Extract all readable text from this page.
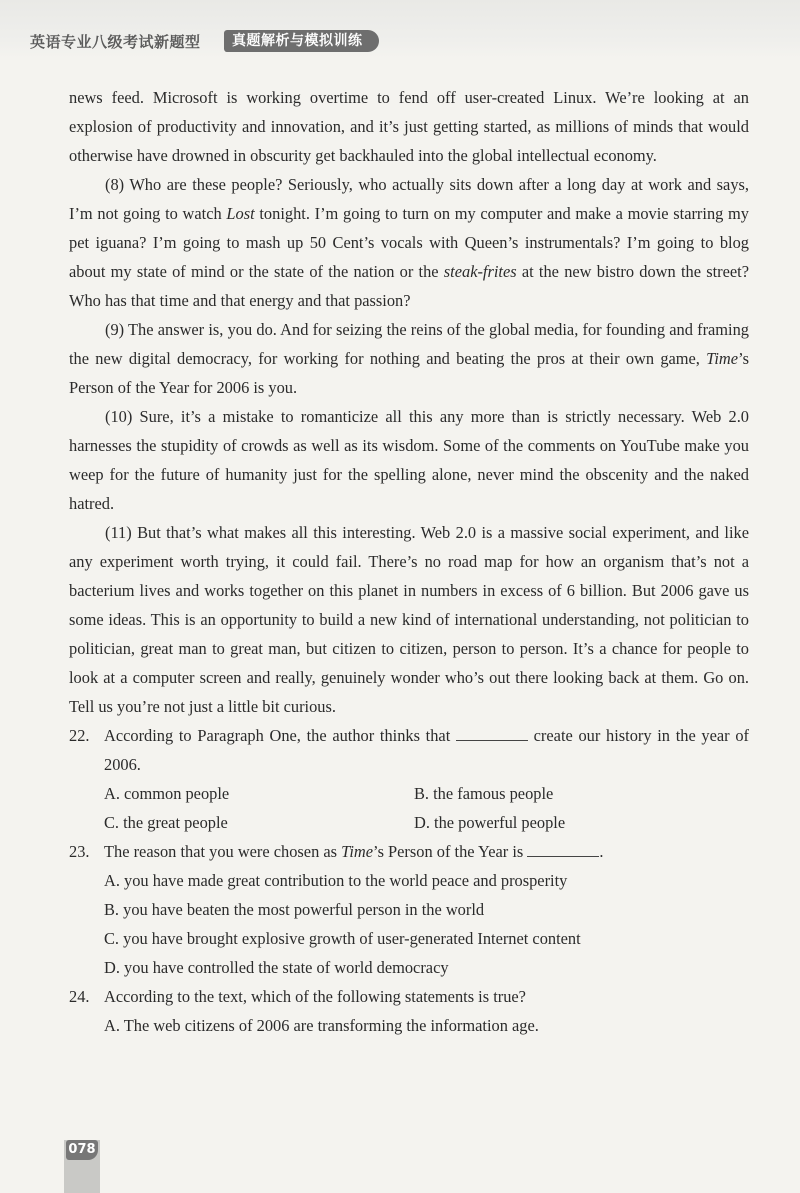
英语专业八级考试新题型	真题解析与模拟训练

news feed. Microsoft is working overtime to fend off user-created Linux. We’re looking at an explosion of productivity and innovation, and it’s just getting started, as millions of minds that would otherwise have drowned in obscurity get backhauled into the global intellectual economy.

(8) Who are these people? Seriously, who actually sits down after a long day at work and says, I’m not going to watch Lost tonight. I’m going to turn on my computer and make a movie starring my pet iguana? I’m going to mash up 50 Cent’s vocals with Queen’s instrumentals? I’m going to blog about my state of mind or the state of the nation or the steak-frites at the new bistro down the street? Who has that time and that energy and that passion?

(9) The answer is, you do. And for seizing the reins of the global media, for founding and framing the new digital democracy, for working for nothing and beating the pros at their own game, Time’s Person of the Year for 2006 is you.

(10) Sure, it’s a mistake to romanticize all this any more than is strictly necessary. Web 2.0 harnesses the stupidity of crowds as well as its wisdom. Some of the comments on YouTube make you weep for the future of humanity just for the spelling alone, never mind the obscenity and the naked hatred.

(11) But that’s what makes all this interesting. Web 2.0 is a massive social experiment, and like any experiment worth trying, it could fail. There’s no road map for how an organism that’s not a bacterium lives and works together on this planet in numbers in excess of 6 billion. But 2006 gave us some ideas. This is an opportunity to build a new kind of international understanding, not politician to politician, great man to great man, but citizen to citizen, person to person. It’s a chance for people to look at a computer screen and really, genuinely wonder who’s out there looking back at them. Go on. Tell us you’re not just a little bit curious.

22. According to Paragraph One, the author thinks that	create our history in the year of 2006.
A. common people	B. the famous people
C. the great people	D. the powerful people
23. The reason that you were chosen as Time’s Person of the Year is	.
A. you have made great contribution to the world peace and prosperity
B. you have beaten the most powerful person in the world
C. you have brought explosive growth of user-generated Internet content
D. you have controlled the state of world democracy
24. According to the text, which of the following statements is true?
A. The web citizens of 2006 are transforming the information age.
078
